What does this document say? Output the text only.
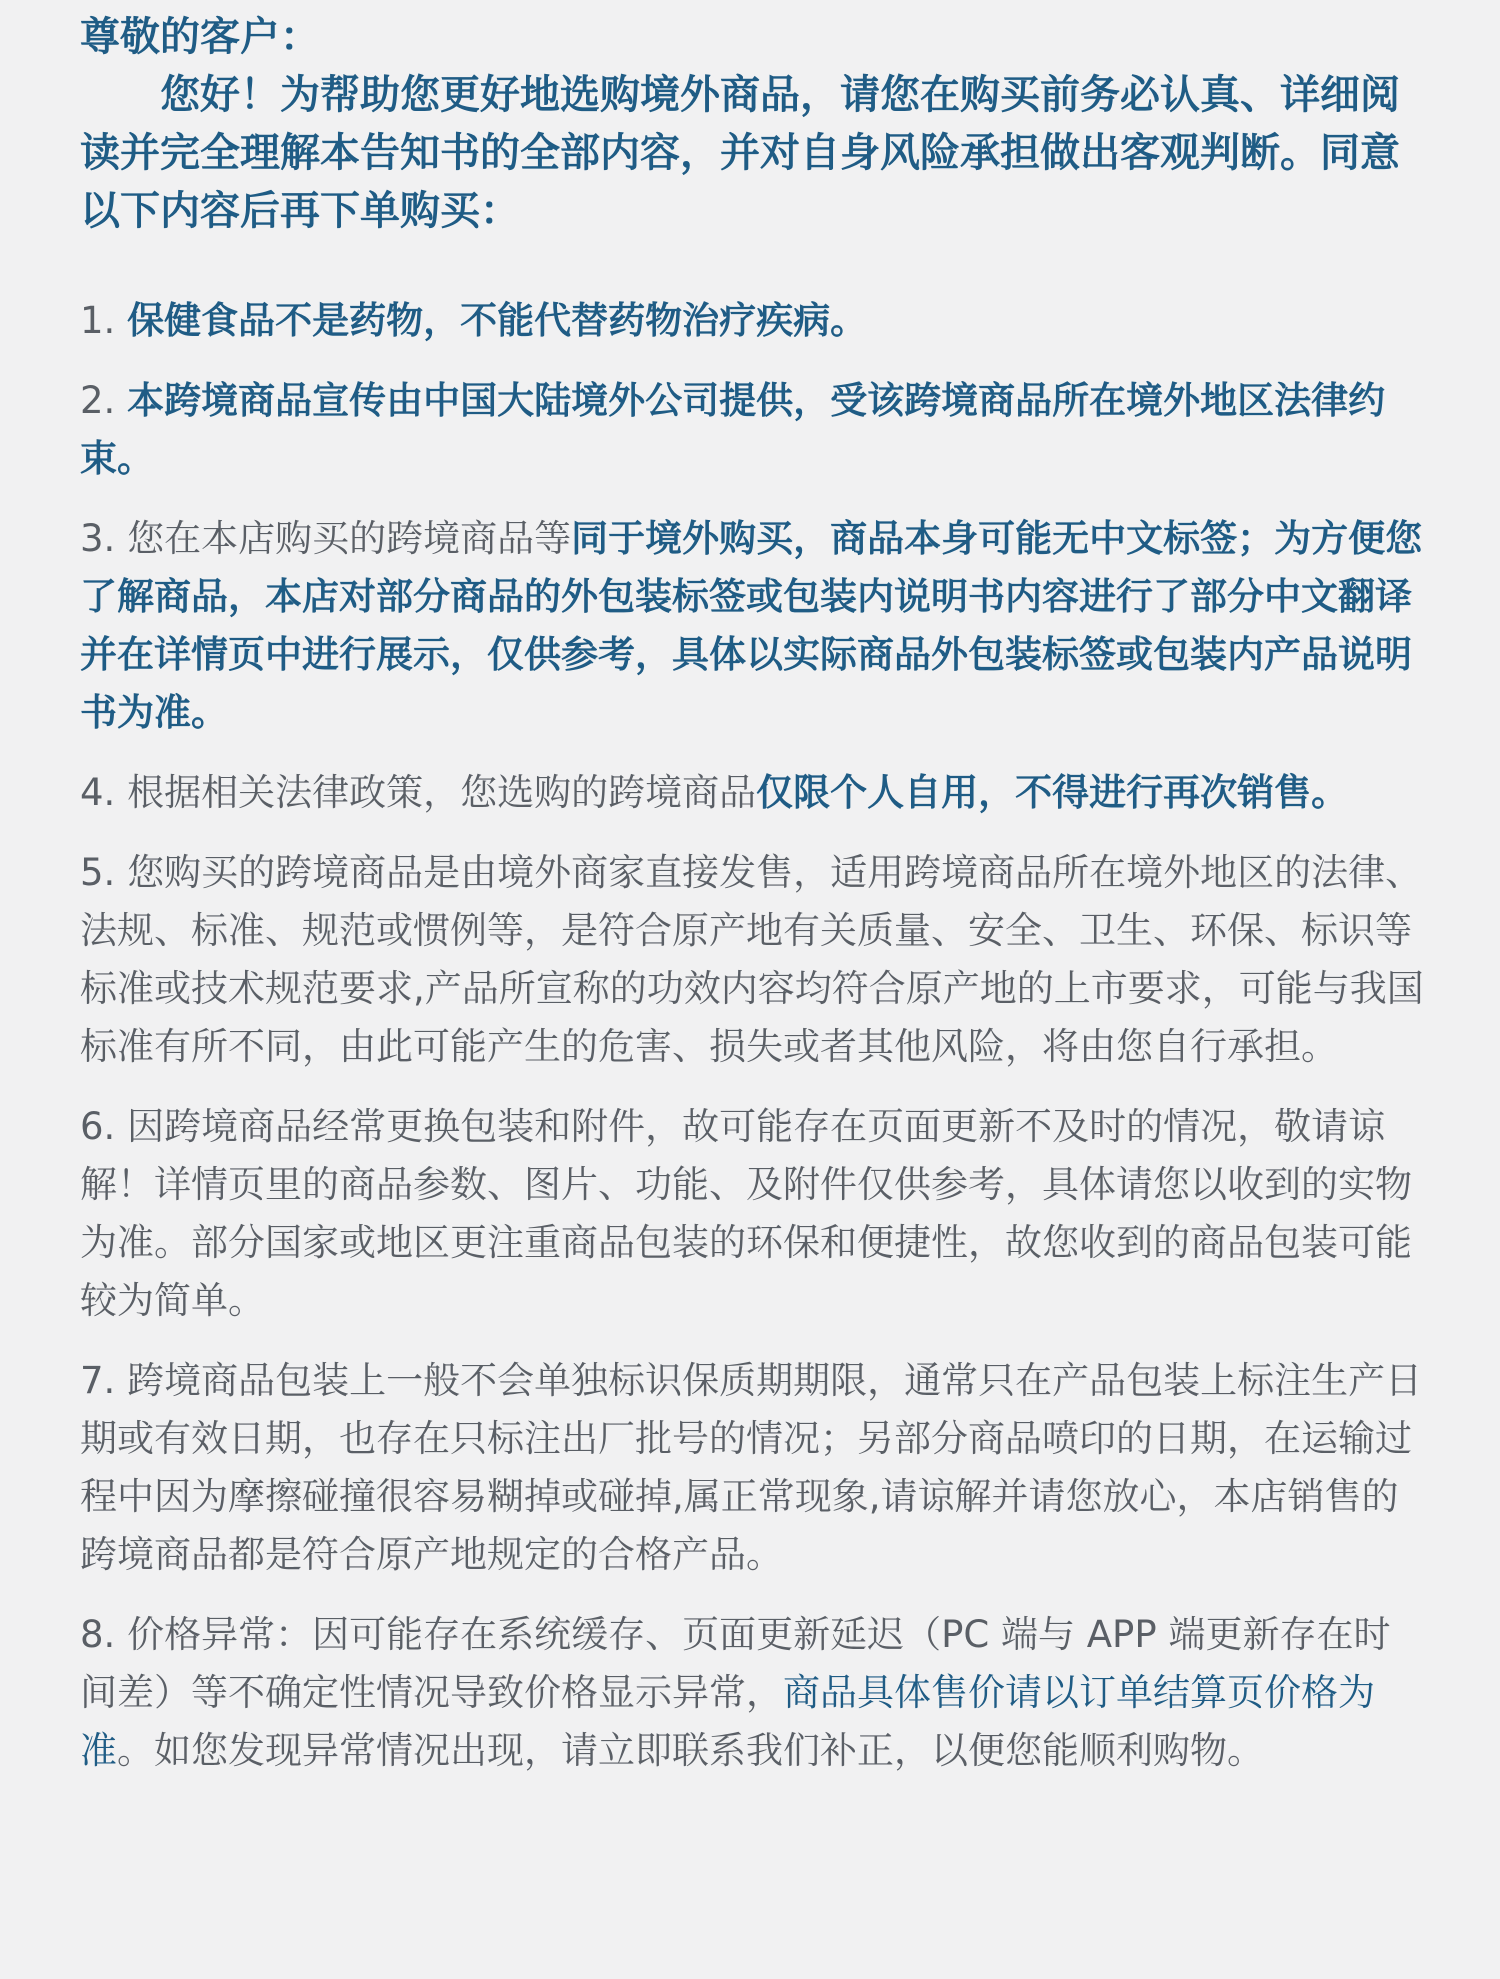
尊敬的客户：

您好！为帮助您更好地选购境外商品，请您在购买前务必认真、详细阅读并完全理解本告知书的全部内容，并对自身风险承担做出客观判断。同意以下内容后再下单购买：

1. 保健食品不是药物，不能代替药物治疗疾病。

2. 本跨境商品宣传由中国大陆境外公司提供，受该跨境商品所在境外地区法律约束。

3. 您在本店购买的跨境商品等同于境外购买，商品本身可能无中文标签；为方便您了解商品，本店对部分商品的外包装标签或包装内说明书内容进行了部分中文翻译并在详情页中进行展示，仅供参考，具体以实际商品外包装标签或包装内产品说明书为准。

4. 根据相关法律政策，您选购的跨境商品仅限个人自用，不得进行再次销售。

5. 您购买的跨境商品是由境外商家直接发售，适用跨境商品所在境外地区的法律、法规、标准、规范或惯例等，是符合原产地有关质量、安全、卫生、环保、标识等标准或技术规范要求,产品所宣称的功效内容均符合原产地的上市要求，可能与我国标准有所不同，由此可能产生的危害、损失或者其他风险，将由您自行承担。

6. 因跨境商品经常更换包装和附件，故可能存在页面更新不及时的情况，敬请谅解！详情页里的商品参数、图片、功能、及附件仅供参考，具体请您以收到的实物为准。部分国家或地区更注重商品包装的环保和便捷性，故您收到的商品包装可能较为简单。

7. 跨境商品包装上一般不会单独标识保质期期限，通常只在产品包装上标注生产日期或有效日期，也存在只标注出厂批号的情况；另部分商品喷印的日期，在运输过程中因为摩擦碰撞很容易糊掉或碰掉,属正常现象,请谅解并请您放心，本店销售的跨境商品都是符合原产地规定的合格产品。

8. 价格异常：因可能存在系统缓存、页面更新延迟（PC 端与 APP 端更新存在时间差）等不确定性情况导致价格显示异常，商品具体售价请以订单结算页价格为准。如您发现异常情况出现，请立即联系我们补正，以便您能顺利购物。
